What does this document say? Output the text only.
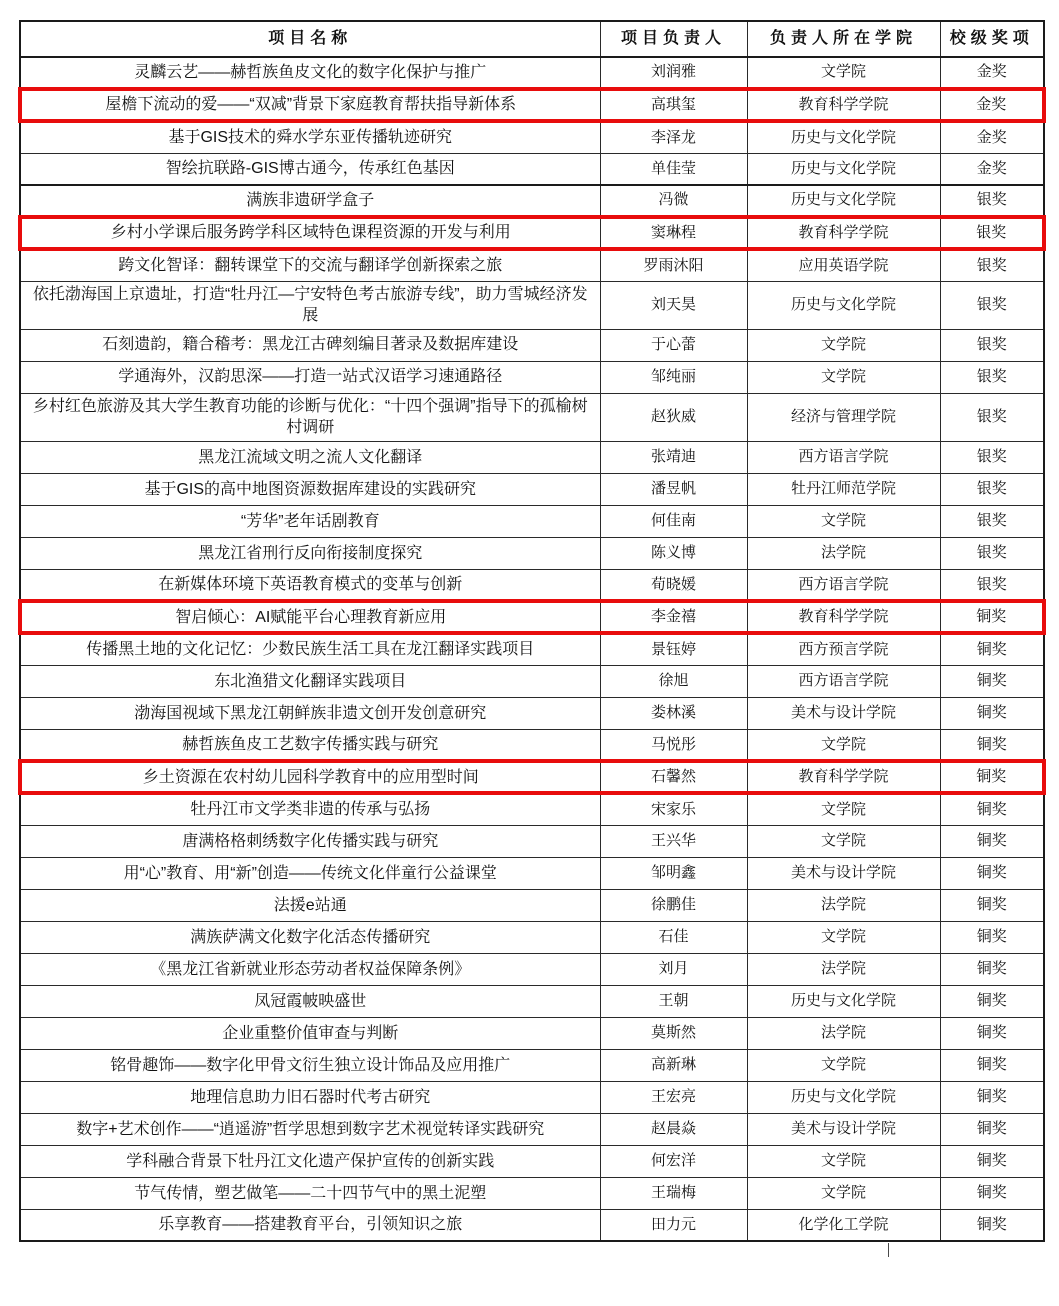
项目名称	项目负责人	负责人所在学院	校级奖项
灵麟云艺——赫哲族鱼皮文化的数字化保护与推广	刘润雅	文学院	金奖
屋檐下流动的爱——“双减”背景下家庭教育帮扶指导新体系	高琪玺	教育科学学院	金奖
基于GIS技术的舜水学东亚传播轨迹研究	李泽龙	历史与文化学院	金奖
智绘抗联路-GIS博古通今，传承红色基因	单佳莹	历史与文化学院	金奖
满族非遗研学盒子	冯微	历史与文化学院	银奖
乡村小学课后服务跨学科区域特色课程资源的开发与利用	窦琳程	教育科学学院	银奖
跨文化智译：翻转课堂下的交流与翻译学创新探索之旅	罗雨沐阳	应用英语学院	银奖
依托渤海国上京遗址，打造“牡丹江—宁安特色考古旅游专线”，助力雪城经济发展	刘天昊	历史与文化学院	银奖
石刻遗韵，籍合稽考：黑龙江古碑刻编目著录及数据库建设	于心蕾	文学院	银奖
学通海外，汉韵思深——打造一站式汉语学习速通路径	邹纯丽	文学院	银奖
乡村红色旅游及其大学生教育功能的诊断与优化：“十四个强调”指导下的孤榆树村调研	赵狄威	经济与管理学院	银奖
黑龙江流域文明之流人文化翻译	张靖迪	西方语言学院	银奖
基于GIS的高中地图资源数据库建设的实践研究	潘昱帆	牡丹江师范学院	银奖
“芳华”老年话剧教育	何佳南	文学院	银奖
黑龙江省刑行反向衔接制度探究	陈义博	法学院	银奖
在新媒体环境下英语教育模式的变革与创新	荀晓媛	西方语言学院	银奖
智启倾心：AI赋能平台心理教育新应用	李金禧	教育科学学院	铜奖
传播黑土地的文化记忆：少数民族生活工具在龙江翻译实践项目	景钰婷	西方预言学院	铜奖
东北渔猎文化翻译实践项目	徐旭	西方语言学院	铜奖
渤海国视域下黑龙江朝鲜族非遗文创开发创意研究	娄林溪	美术与设计学院	铜奖
赫哲族鱼皮工艺数字传播实践与研究	马悦彤	文学院	铜奖
乡土资源在农村幼儿园科学教育中的应用型时间	石馨然	教育科学学院	铜奖
牡丹江市文学类非遗的传承与弘扬	宋家乐	文学院	铜奖
唐满格格刺绣数字化传播实践与研究	王兴华	文学院	铜奖
用“心”教育、用“新”创造——传统文化伴童行公益课堂	邹明鑫	美术与设计学院	铜奖
法援e站通	徐鹏佳	法学院	铜奖
满族萨满文化数字化活态传播研究	石佳	文学院	铜奖
《黑龙江省新就业形态劳动者权益保障条例》	刘月	法学院	铜奖
凤冠霞帔映盛世	王朝	历史与文化学院	铜奖
企业重整价值审查与判断	莫斯然	法学院	铜奖
铭骨趣饰——数字化甲骨文衍生独立设计饰品及应用推广	高新琳	文学院	铜奖
地理信息助力旧石器时代考古研究	王宏亮	历史与文化学院	铜奖
数字+艺术创作——“逍遥游”哲学思想到数字艺术视觉转译实践研究	赵晨焱	美术与设计学院	铜奖
学科融合背景下牡丹江文化遗产保护宣传的创新实践	何宏洋	文学院	铜奖
节气传情，塑艺做笔——二十四节气中的黑土泥塑	王瑞梅	文学院	铜奖
乐享教育——搭建教育平台，引领知识之旅	田力元	化学化工学院	铜奖
